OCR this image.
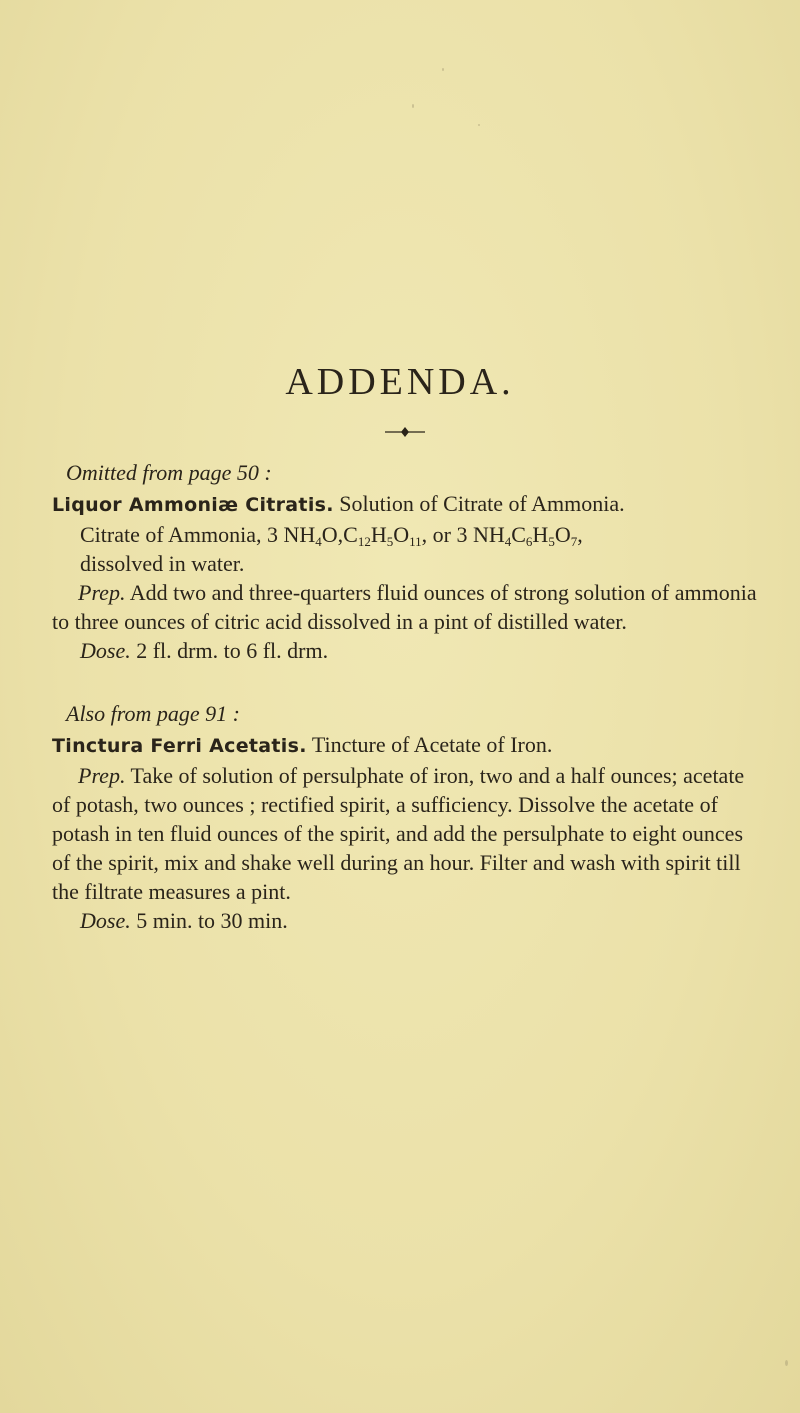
ADDENDA.

Omitted from page 50 :

Liquor Ammoniæ Citratis. Solution of Citrate of Ammonia.

Citrate of Ammonia, 3 $NH_4O,C_{12}H_5O_{11}$, or 3 $NH_4C_6H_5O_7$,

dissolved in water.

Prep. Add two and three-quarters fluid ounces of strong solution of ammonia to three ounces of citric acid dissolved in a pint of distilled water.

Dose. 2 fl. drm. to 6 fl. drm.

Also from page 91 :

Tinctura Ferri Acetatis. Tincture of Acetate of Iron.

Prep. Take of solution of persulphate of iron, two and a half ounces; acetate of potash, two ounces ; rectified spirit, a sufficiency. Dissolve the acetate of potash in ten fluid ounces of the spirit, and add the persulphate to eight ounces of the spirit, mix and shake well during an hour. Filter and wash with spirit till the filtrate measures a pint.

Dose. 5 min. to 30 min.
